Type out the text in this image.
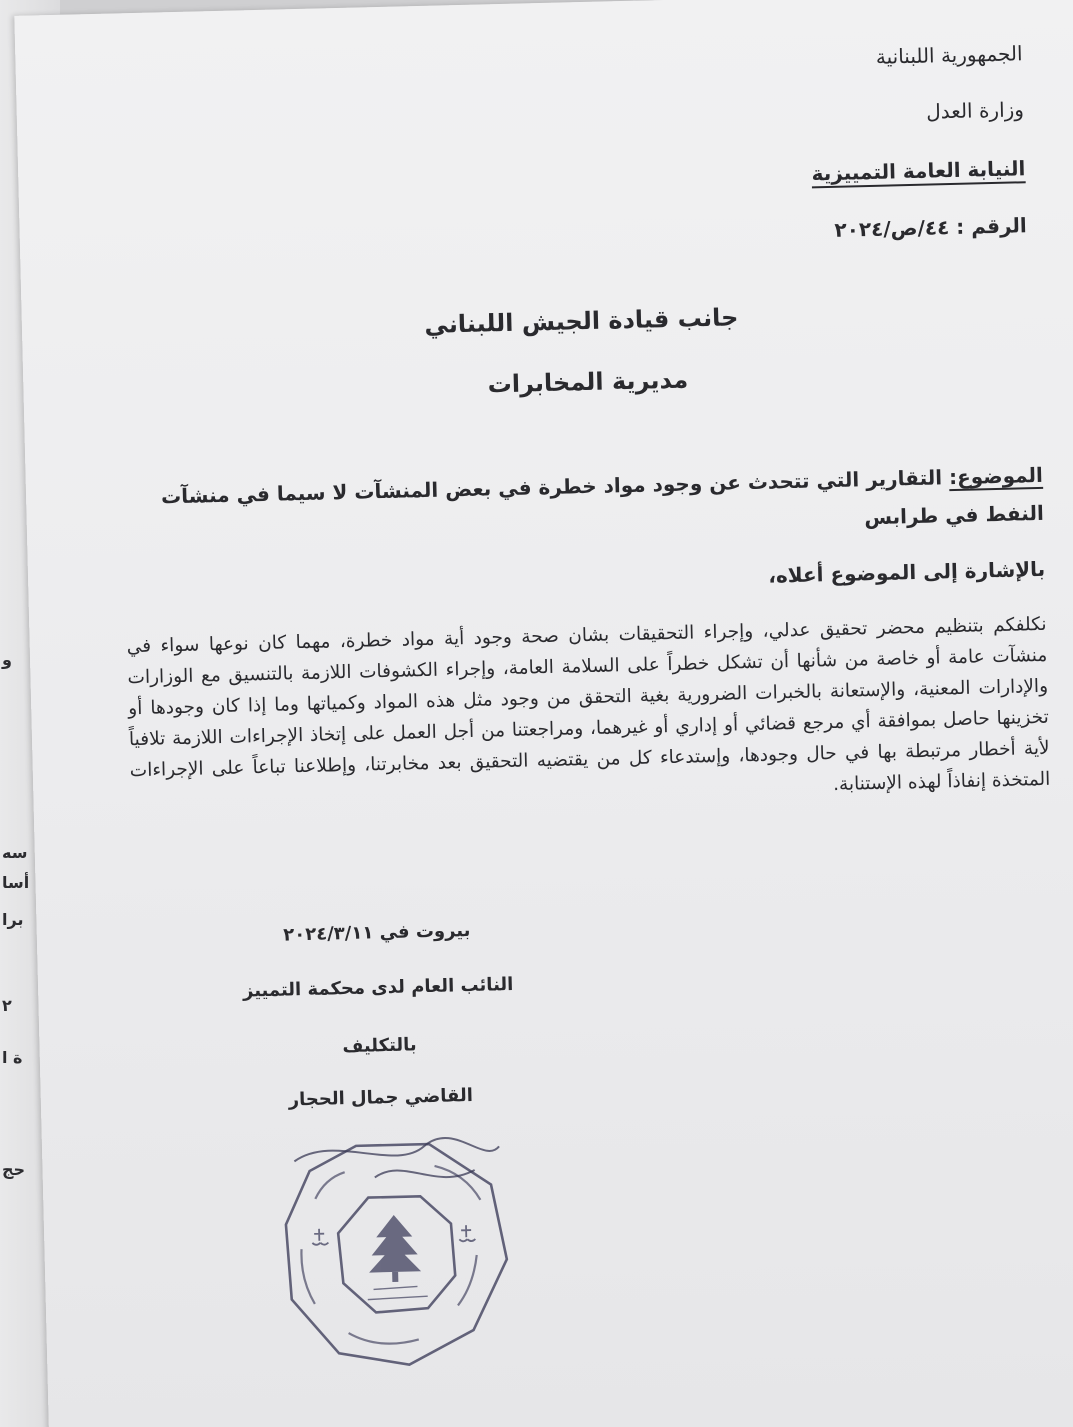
و
سه
أسا
برا
٢
ة ا
حج
الجمهورية اللبنانية
وزارة العدل
النيابة العامة التمييزية
الرقم : ٤٤/ص/٢٠٢٤
جانب قيادة الجيش اللبناني
مديرية المخابرات
الموضوع: التقارير التي تتحدث عن وجود مواد خطرة في بعض المنشآت لا سيما في منشآت النفط في طرابس
بالإشارة إلى الموضوع أعلاه،
نكلفكم بتنظيم محضر تحقيق عدلي، وإجراء التحقيقات بشان صحة وجود أية مواد خطرة، مهما كان نوعها سواء في منشآت عامة أو خاصة من شأنها أن تشكل خطراً على السلامة العامة، وإجراء الكشوفات اللازمة بالتنسيق مع الوزارات والإدارات المعنية، والإستعانة بالخبرات الضرورية بغية التحقق من وجود مثل هذه المواد وكمياتها وما إذا كان وجودها أو تخزينها حاصل بموافقة أي مرجع قضائي أو إداري أو غيرهما، ومراجعتنا من أجل العمل على إتخاذ الإجراءات اللازمة تلافياً لأية أخطار مرتبطة بها في حال وجودها، وإستدعاء كل من يقتضيه التحقيق بعد مخابرتنا، وإطلاعنا تباعاً على الإجراءات المتخذة إنفاذاً لهذه الإستنابة.
بيروت في ٢٠٢٤/٣/١١
النائب العام لدى محكمة التمييز
بالتكليف
القاضي جمال الحجار
